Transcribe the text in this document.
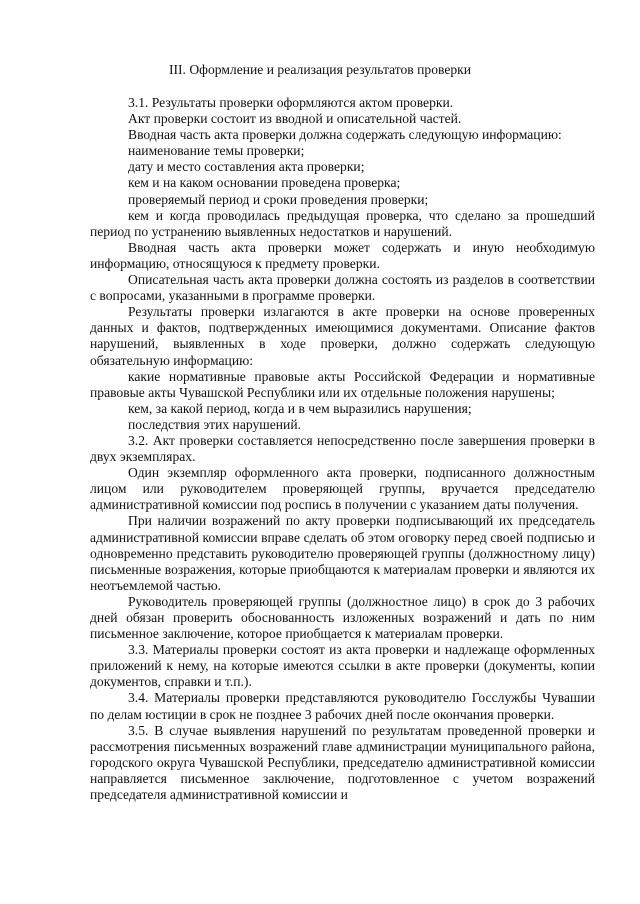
III. Оформление и реализация результатов проверки

3.1. Результаты проверки оформляются актом проверки.

Акт проверки состоит из вводной и описательной частей.

Вводная часть акта проверки должна содержать следующую информацию:

наименование темы проверки;

дату и место составления акта проверки;

кем и на каком основании проведена проверка;

проверяемый период и сроки проведения проверки;

кем и когда проводилась предыдущая проверка, что сделано за прошедший период по устранению выявленных недостатков и нарушений.

Вводная часть акта проверки может содержать и иную необходимую информацию, относящуюся к предмету проверки.

Описательная часть акта проверки должна состоять из разделов в соответствии с вопросами, указанными в программе проверки.

Результаты проверки излагаются в акте проверки на основе проверенных данных и фактов, подтвержденных имеющимися документами. Описание фактов нарушений, выявленных в ходе проверки, должно содержать следующую обязательную информацию:

какие нормативные правовые акты Российской Федерации и нормативные правовые акты Чувашской Республики или их отдельные положения нарушены;

кем, за какой период, когда и в чем выразились нарушения;

последствия этих нарушений.

3.2. Акт проверки составляется непосредственно после завершения проверки в двух экземплярах.

Один экземпляр оформленного акта проверки, подписанного должностным лицом или руководителем проверяющей группы, вручается председателю административной комиссии под роспись в получении с указанием даты получения.

При наличии возражений по акту проверки подписывающий их председатель административной комиссии вправе сделать об этом оговорку перед своей подписью и одновременно представить руководителю проверяющей группы (должностному лицу) письменные возражения, которые приобщаются к материалам проверки и являются их неотъемлемой частью.

Руководитель проверяющей группы (должностное лицо) в срок до 3 рабочих дней обязан проверить обоснованность изложенных возражений и дать по ним письменное заключение, которое приобщается к материалам проверки.

3.3. Материалы проверки состоят из акта проверки и надлежаще оформленных приложений к нему, на которые имеются ссылки в акте проверки (документы, копии документов, справки и т.п.).

3.4. Материалы проверки представляются руководителю Госслужбы Чувашии по делам юстиции в срок не позднее 3 рабочих дней после окончания проверки.

3.5. В случае выявления нарушений по результатам проведенной проверки и рассмотрения письменных возражений главе администрации муниципального района, городского округа Чувашской Республики, председателю административной комиссии направляется письменное заключение, подготовленное с учетом возражений председателя административной комиссии и
